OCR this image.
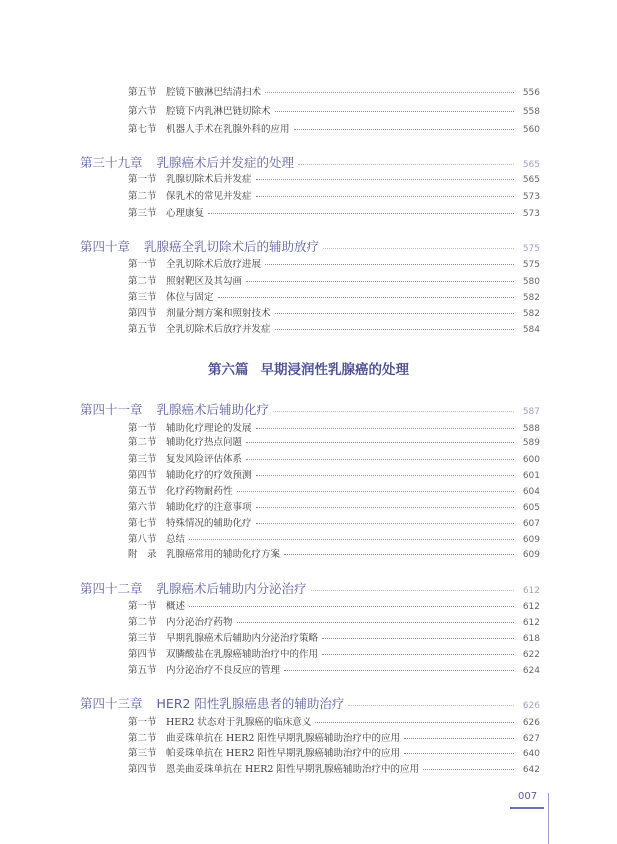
第五节 腔镜下腋淋巴结清扫术	556
第六节 腔镜下内乳淋巴链切除术	558
第七节 机器人手术在乳腺外科的应用	560
第三十九章 乳腺癌术后并发症的处理	565
第一节 乳腺切除术后并发症	565
第二节 保乳术的常见并发症	573
第三节 心理康复	573
第四十章 乳腺癌全乳切除术后的辅助放疗	575
第一节 全乳切除术后放疗进展	575
第二节 照射靶区及其勾画	580
第三节 体位与固定	582
第四节 剂量分割方案和照射技术	582
第五节 全乳切除术后放疗并发症	584
第六篇 早期浸润性乳腺癌的处理
第四十一章 乳腺癌术后辅助化疗	587
第一节 辅助化疗理论的发展	588
第二节 辅助化疗热点问题	589
第三节 复发风险评估体系	600
第四节 辅助化疗的疗效预测	601
第五节 化疗药物耐药性	604
第六节 辅助化疗的注意事项	605
第七节 特殊情况的辅助化疗	607
第八节 总结	609
附　录 乳腺癌常用的辅助化疗方案	609
第四十二章 乳腺癌术后辅助内分泌治疗	612
第一节 概述	612
第二节 内分泌治疗药物	612
第三节 早期乳腺癌术后辅助内分泌治疗策略	618
第四节 双膦酸盐在乳腺癌辅助治疗中的作用	622
第五节 内分泌治疗不良反应的管理	624
第四十三章 HER2 阳性乳腺癌患者的辅助治疗	626
第一节 HER2 状态对于乳腺癌的临床意义	626
第二节 曲妥珠单抗在 HER2 阳性早期乳腺癌辅助治疗中的应用	627
第三节 帕妥珠单抗在 HER2 阳性早期乳腺癌辅助治疗中的应用	640
第四节 恩美曲妥珠单抗在 HER2 阳性早期乳腺癌辅助治疗中的应用	642
007
